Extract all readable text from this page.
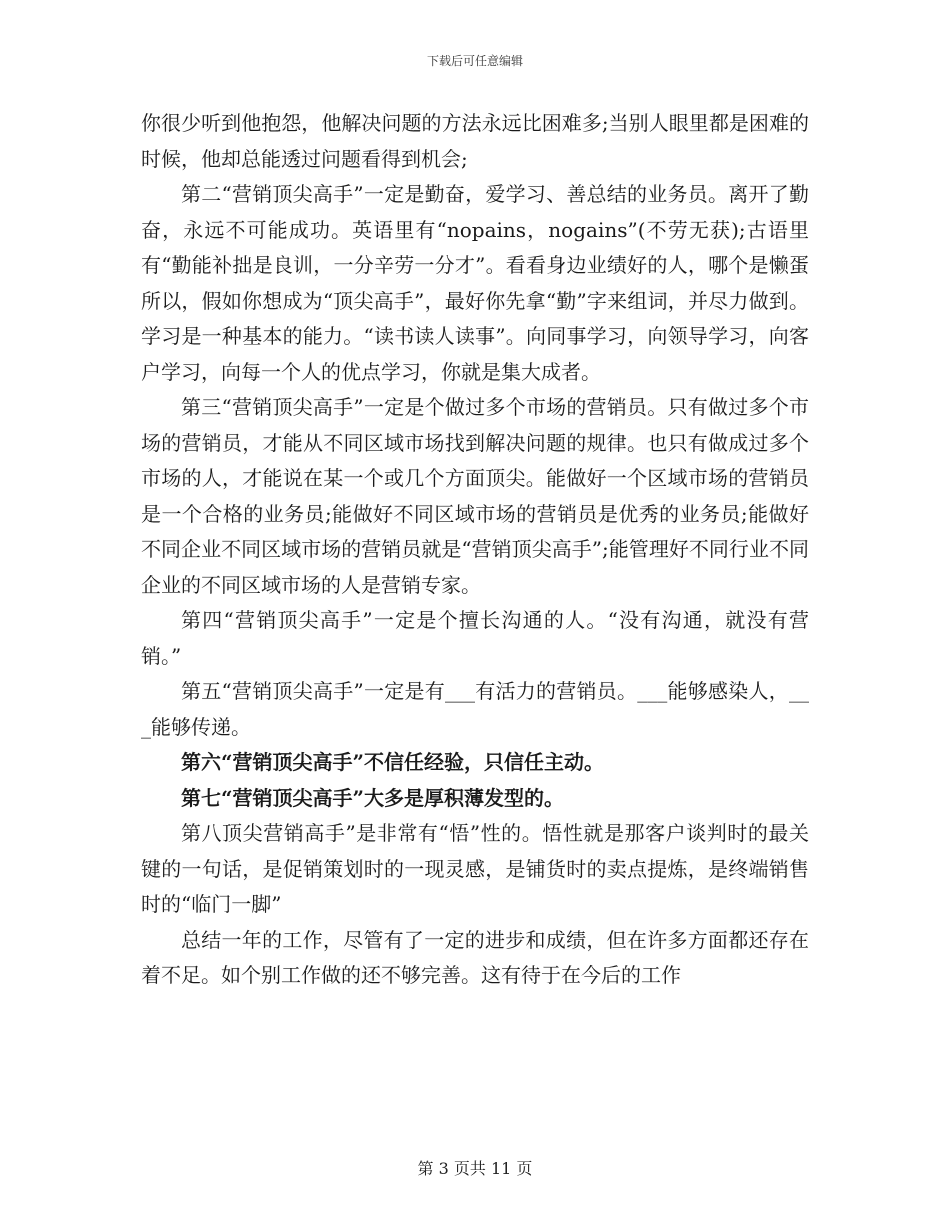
下载后可任意编辑

你很少听到他抱怨，他解决问题的方法永远比困难多;当别人眼里都是困难的时候，他却总能透过问题看得到机会;

第二“营销顶尖高手”一定是勤奋，爱学习、善总结的业务员。离开了勤奋，永远不可能成功。英语里有“nopains，nogains”(不劳无获);古语里有“勤能补拙是良训，一分辛劳一分才”。看看身边业绩好的人，哪个是懒蛋所以，假如你想成为“顶尖高手”，最好你先拿“勤”字来组词，并尽力做到。学习是一种基本的能力。“读书读人读事”。向同事学习，向领导学习，向客户学习，向每一个人的优点学习，你就是集大成者。

第三“营销顶尖高手”一定是个做过多个市场的营销员。只有做过多个市场的营销员，才能从不同区域市场找到解决问题的规律。也只有做成过多个市场的人，才能说在某一个或几个方面顶尖。能做好一个区域市场的营销员是一个合格的业务员;能做好不同区域市场的营销员是优秀的业务员;能做好不同企业不同区域市场的营销员就是“营销顶尖高手”;能管理好不同行业不同企业的不同区域市场的人是营销专家。

第四“营销顶尖高手”一定是个擅长沟通的人。“没有沟通，就没有营销。”

第五“营销顶尖高手”一定是有___有活力的营销员。___能够感染人，___能够传递。

第六“营销顶尖高手”不信任经验，只信任主动。

第七“营销顶尖高手”大多是厚积薄发型的。

第八顶尖营销高手”是非常有“悟”性的。悟性就是那客户谈判时的最关键的一句话，是促销策划时的一现灵感，是铺货时的卖点提炼，是终端销售时的“临门一脚”

总结一年的工作，尽管有了一定的进步和成绩，但在许多方面都还存在着不足。如个别工作做的还不够完善。这有待于在今后的工作

第 3 页共 11 页
